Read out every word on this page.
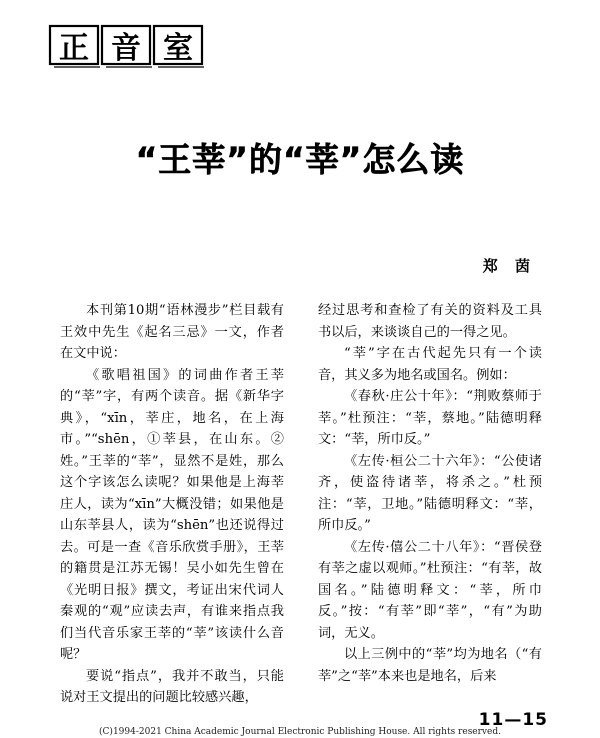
正 音 室
“王莘”的“莘”怎么读
郑 茵

本刊第10期“语林漫步”栏目载有王效中先生《起名三忌》一文，作者在文中说：

《歌唱祖国》的词曲作者王莘的“莘”字，有两个读音。据《新华字典》，“xīn，莘庄，地名，在上海市。”“shēn，①莘县，在山东。②姓。”王莘的“莘”，显然不是姓，那么这个字该怎么读呢？如果他是上海莘庄人，读为“xīn”大概没错；如果他是山东莘县人，读为“shēn”也还说得过去。可是一查《音乐欣赏手册》，王莘的籍贯是江苏无锡！吴小如先生曾在《光明日报》撰文，考证出宋代词人秦观的“观”应读去声，有谁来指点我们当代音乐家王莘的“莘”该读什么音呢？

要说“指点”，我并不敢当，只能说对王文提出的问题比较感兴趣，

经过思考和查检了有关的资料及工具书以后，来谈谈自己的一得之见。

“莘”字在古代起先只有一个读音，其义多为地名或国名。例如：

《春秋·庄公十年》：“荆败蔡师于莘。”杜预注：“莘，蔡地。”陆德明释文：“莘，所巾反。”

《左传·桓公二十六年》：“公使诸齐，使盗待诸莘，将杀之。”杜预注：“莘，卫地。”陆德明释文：“莘，所巾反。”

《左传·僖公二十八年》：“晋侯登有莘之虚以观师。”杜预注：“有莘，故国名。”陆德明释文：“莘，所巾反。”按：“有莘”即“莘”，“有”为助词，无义。

以上三例中的“莘”均为地名（“有莘”之“莘”本来也是地名，后来

11—15
(C)1994-2021 China Academic Journal Electronic Publishing House. All rights reserved.
